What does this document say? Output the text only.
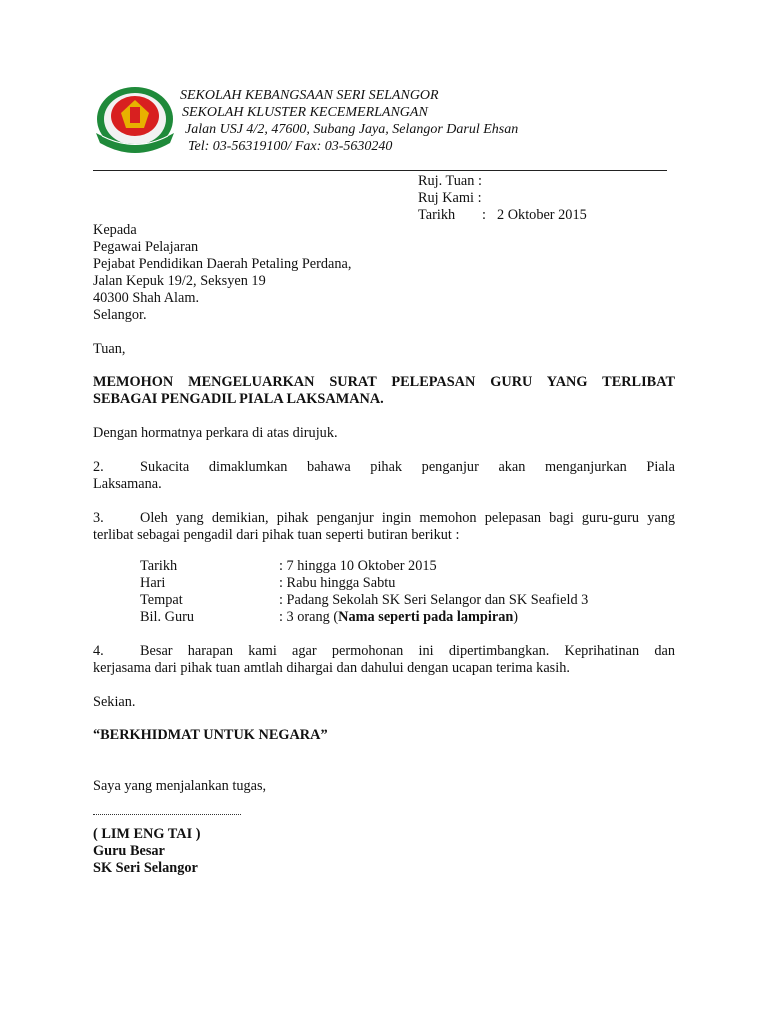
SEKOLAH KEBANGSAAN SERI SELANGOR
SEKOLAH KLUSTER KECEMERLANGAN
Jalan USJ 4/2, 47600, Subang Jaya, Selangor Darul Ehsan
Tel: 03-56319100/ Fax: 03-5630240
Ruj. Tuan :
Ruj Kami :
Tarikh : 2 Oktober 2015
Kepada
Pegawai Pelajaran
Pejabat Pendidikan Daerah Petaling Perdana,
Jalan Kepuk 19/2, Seksyen 19
40300 Shah Alam.
Selangor.
Tuan,
MEMOHON MENGELUARKAN SURAT PELEPASAN GURU YANG TERLIBAT
SEBAGAI PENGADIL PIALA LAKSAMANA.
Dengan hormatnya perkara di atas dirujuk.
2.	Sukacita dimaklumkan bahawa pihak penganjur akan menganjurkan Piala
Laksamana.
3.	Oleh yang demikian, pihak penganjur ingin memohon pelepasan bagi guru-guru yang
terlibat sebagai pengadil dari pihak tuan seperti butiran berikut :
Tarikh	: 7 hingga 10 Oktober 2015
Hari	: Rabu hingga Sabtu
Tempat	: Padang Sekolah SK Seri Selangor dan SK Seafield 3
Bil. Guru	: 3 orang (Nama seperti pada lampiran)
4.	Besar harapan kami agar permohonan ini dipertimbangkan. Keprihatinan dan
kerjasama dari pihak tuan amtlah dihargai dan dahului dengan ucapan terima kasih.
Sekian.
“BERKHIDMAT UNTUK NEGARA”
Saya yang menjalankan tugas,
( LIM ENG TAI )
Guru Besar
SK Seri Selangor
